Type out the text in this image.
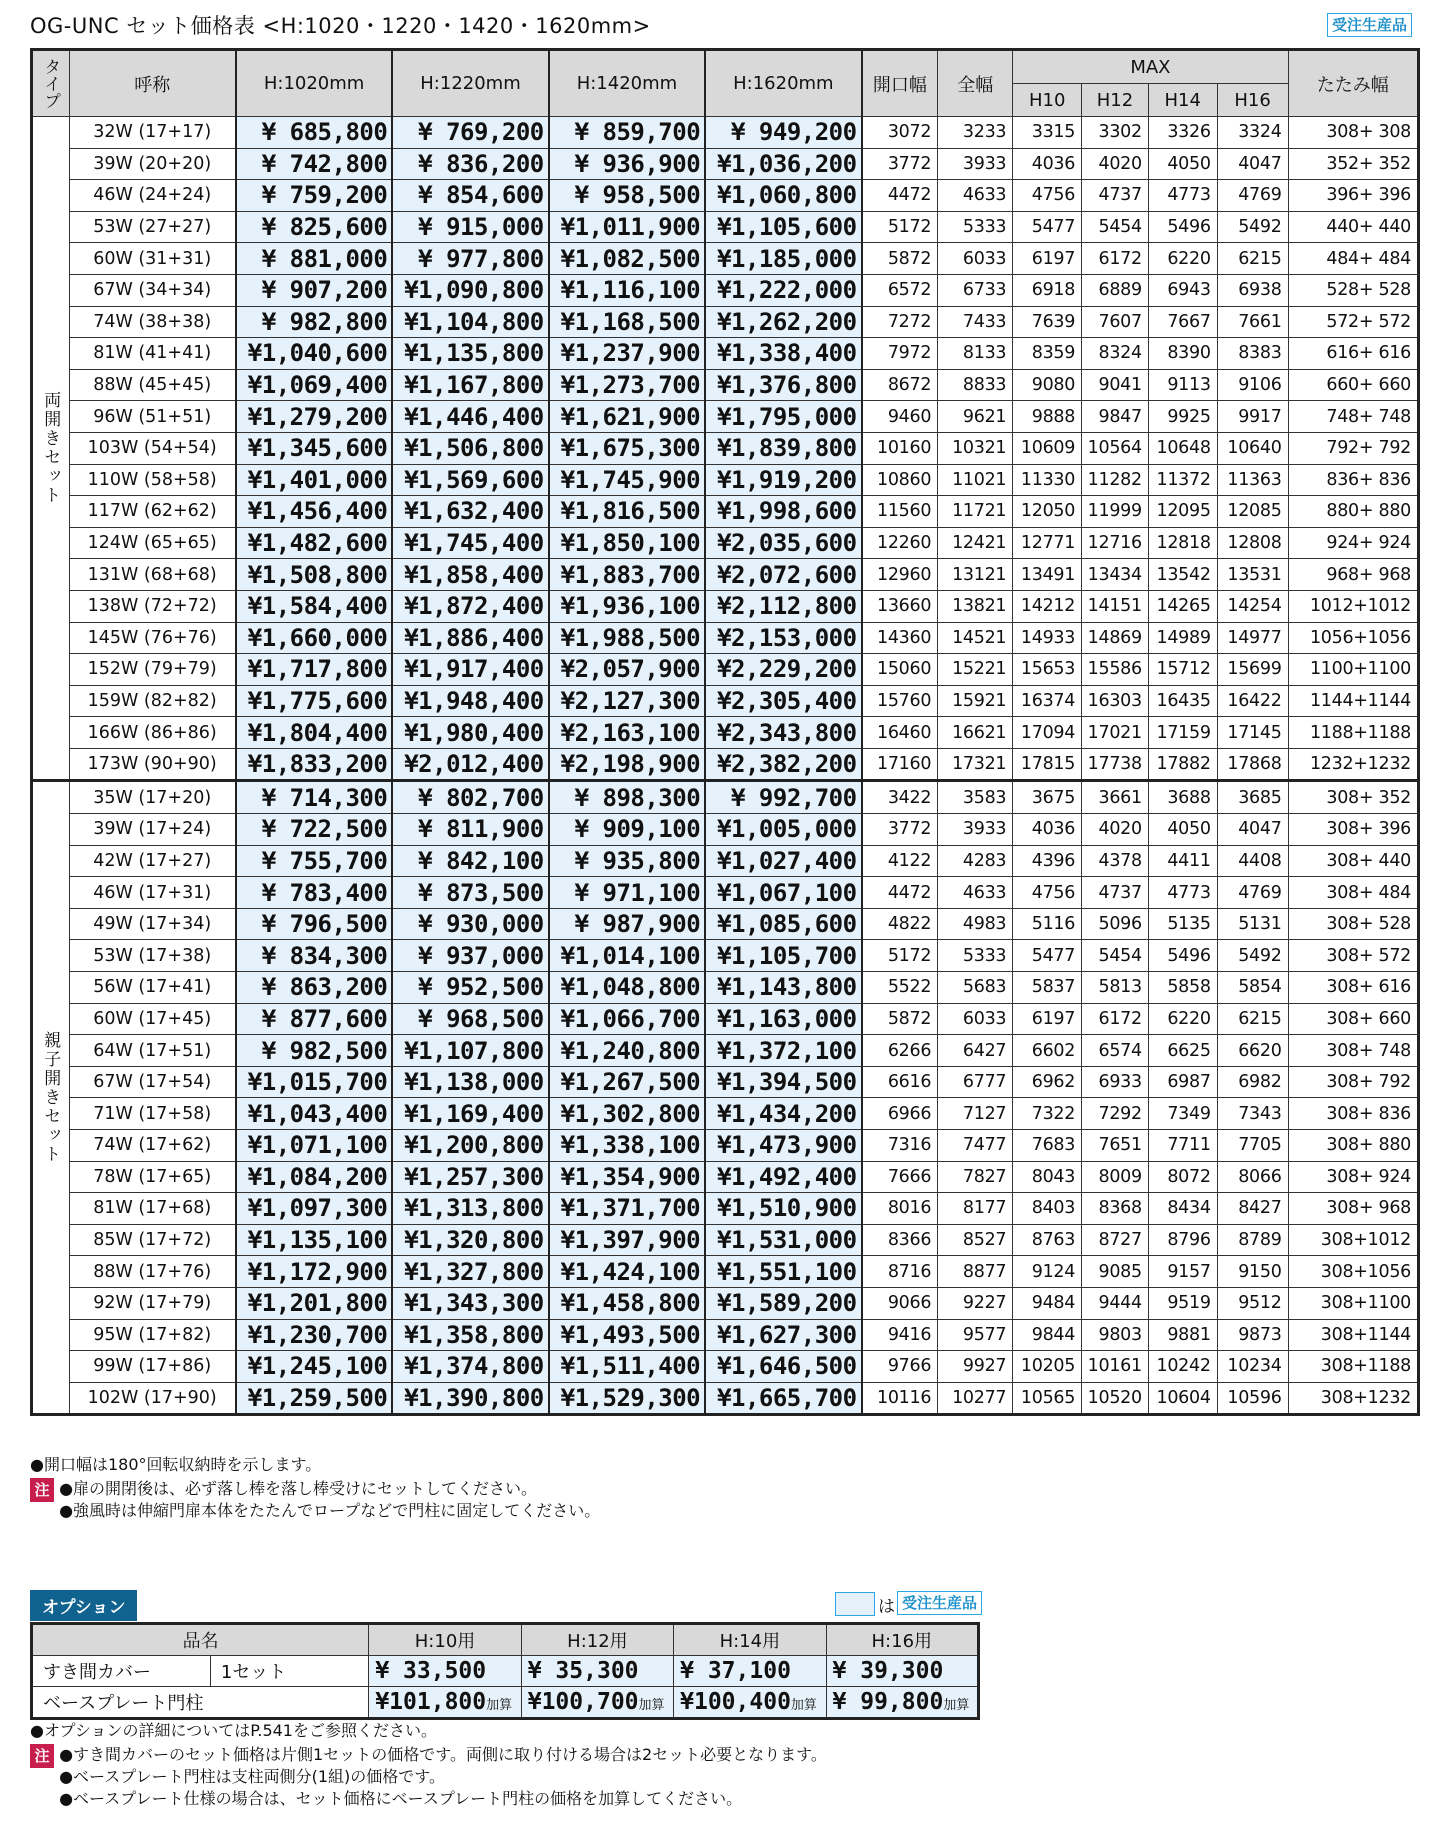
OG-UNC セット価格表 <H:1020・1220・1420・1620mm>	受注生産品
タイプ	呼称	H:1020mm	H:1220mm	H:1420mm	H:1620mm	開口幅	全幅	MAX				たたみ幅
								H10	H12	H14	H16	
両開きセット	32W (17+17)	¥ 685,800	¥ 769,200	¥ 859,700	¥ 949,200	3072	3233	3315	3302	3326	3324	308+ 308
	39W (20+20)	¥ 742,800	¥ 836,200	¥ 936,900	¥1,036,200	3772	3933	4036	4020	4050	4047	352+ 352
	46W (24+24)	¥ 759,200	¥ 854,600	¥ 958,500	¥1,060,800	4472	4633	4756	4737	4773	4769	396+ 396
	53W (27+27)	¥ 825,600	¥ 915,000	¥1,011,900	¥1,105,600	5172	5333	5477	5454	5496	5492	440+ 440
	60W (31+31)	¥ 881,000	¥ 977,800	¥1,082,500	¥1,185,000	5872	6033	6197	6172	6220	6215	484+ 484
	67W (34+34)	¥ 907,200	¥1,090,800	¥1,116,100	¥1,222,000	6572	6733	6918	6889	6943	6938	528+ 528
	74W (38+38)	¥ 982,800	¥1,104,800	¥1,168,500	¥1,262,200	7272	7433	7639	7607	7667	7661	572+ 572
	81W (41+41)	¥1,040,600	¥1,135,800	¥1,237,900	¥1,338,400	7972	8133	8359	8324	8390	8383	616+ 616
	88W (45+45)	¥1,069,400	¥1,167,800	¥1,273,700	¥1,376,800	8672	8833	9080	9041	9113	9106	660+ 660
	96W (51+51)	¥1,279,200	¥1,446,400	¥1,621,900	¥1,795,000	9460	9621	9888	9847	9925	9917	748+ 748
	103W (54+54)	¥1,345,600	¥1,506,800	¥1,675,300	¥1,839,800	10160	10321	10609	10564	10648	10640	792+ 792
	110W (58+58)	¥1,401,000	¥1,569,600	¥1,745,900	¥1,919,200	10860	11021	11330	11282	11372	11363	836+ 836
	117W (62+62)	¥1,456,400	¥1,632,400	¥1,816,500	¥1,998,600	11560	11721	12050	11999	12095	12085	880+ 880
	124W (65+65)	¥1,482,600	¥1,745,400	¥1,850,100	¥2,035,600	12260	12421	12771	12716	12818	12808	924+ 924
	131W (68+68)	¥1,508,800	¥1,858,400	¥1,883,700	¥2,072,600	12960	13121	13491	13434	13542	13531	968+ 968
	138W (72+72)	¥1,584,400	¥1,872,400	¥1,936,100	¥2,112,800	13660	13821	14212	14151	14265	14254	1012+1012
	145W (76+76)	¥1,660,000	¥1,886,400	¥1,988,500	¥2,153,000	14360	14521	14933	14869	14989	14977	1056+1056
	152W (79+79)	¥1,717,800	¥1,917,400	¥2,057,900	¥2,229,200	15060	15221	15653	15586	15712	15699	1100+1100
	159W (82+82)	¥1,775,600	¥1,948,400	¥2,127,300	¥2,305,400	15760	15921	16374	16303	16435	16422	1144+1144
	166W (86+86)	¥1,804,400	¥1,980,400	¥2,163,100	¥2,343,800	16460	16621	17094	17021	17159	17145	1188+1188
	173W (90+90)	¥1,833,200	¥2,012,400	¥2,198,900	¥2,382,200	17160	17321	17815	17738	17882	17868	1232+1232
親子開きセット	35W (17+20)	¥ 714,300	¥ 802,700	¥ 898,300	¥ 992,700	3422	3583	3675	3661	3688	3685	308+ 352
	39W (17+24)	¥ 722,500	¥ 811,900	¥ 909,100	¥1,005,000	3772	3933	4036	4020	4050	4047	308+ 396
	42W (17+27)	¥ 755,700	¥ 842,100	¥ 935,800	¥1,027,400	4122	4283	4396	4378	4411	4408	308+ 440
	46W (17+31)	¥ 783,400	¥ 873,500	¥ 971,100	¥1,067,100	4472	4633	4756	4737	4773	4769	308+ 484
	49W (17+34)	¥ 796,500	¥ 930,000	¥ 987,900	¥1,085,600	4822	4983	5116	5096	5135	5131	308+ 528
	53W (17+38)	¥ 834,300	¥ 937,000	¥1,014,100	¥1,105,700	5172	5333	5477	5454	5496	5492	308+ 572
	56W (17+41)	¥ 863,200	¥ 952,500	¥1,048,800	¥1,143,800	5522	5683	5837	5813	5858	5854	308+ 616
	60W (17+45)	¥ 877,600	¥ 968,500	¥1,066,700	¥1,163,000	5872	6033	6197	6172	6220	6215	308+ 660
	64W (17+51)	¥ 982,500	¥1,107,800	¥1,240,800	¥1,372,100	6266	6427	6602	6574	6625	6620	308+ 748
	67W (17+54)	¥1,015,700	¥1,138,000	¥1,267,500	¥1,394,500	6616	6777	6962	6933	6987	6982	308+ 792
	71W (17+58)	¥1,043,400	¥1,169,400	¥1,302,800	¥1,434,200	6966	7127	7322	7292	7349	7343	308+ 836
	74W (17+62)	¥1,071,100	¥1,200,800	¥1,338,100	¥1,473,900	7316	7477	7683	7651	7711	7705	308+ 880
	78W (17+65)	¥1,084,200	¥1,257,300	¥1,354,900	¥1,492,400	7666	7827	8043	8009	8072	8066	308+ 924
	81W (17+68)	¥1,097,300	¥1,313,800	¥1,371,700	¥1,510,900	8016	8177	8403	8368	8434	8427	308+ 968
	85W (17+72)	¥1,135,100	¥1,320,800	¥1,397,900	¥1,531,000	8366	8527	8763	8727	8796	8789	308+1012
	88W (17+76)	¥1,172,900	¥1,327,800	¥1,424,100	¥1,551,100	8716	8877	9124	9085	9157	9150	308+1056
	92W (17+79)	¥1,201,800	¥1,343,300	¥1,458,800	¥1,589,200	9066	9227	9484	9444	9519	9512	308+1100
	95W (17+82)	¥1,230,700	¥1,358,800	¥1,493,500	¥1,627,300	9416	9577	9844	9803	9881	9873	308+1144
	99W (17+86)	¥1,245,100	¥1,374,800	¥1,511,400	¥1,646,500	9766	9927	10205	10161	10242	10234	308+1188
	102W (17+90)	¥1,259,500	¥1,390,800	¥1,529,300	¥1,665,700	10116	10277	10565	10520	10604	10596	308+1232
●開口幅は180°回転収納時を示します。
注 ●扉の開閉後は、必ず落し棒を落し棒受けにセットしてください。
●強風時は伸縮門扉本体をたたんでロープなどで門柱に固定してください。
オプション	は 受注生産品
品名		H:10用	H:12用	H:14用	H:16用
すき間カバー	1セット	¥ 33,500	¥ 35,300	¥ 37,100	¥ 39,300
ベースプレート門柱		¥101,800加算	¥100,700加算	¥100,400加算	¥ 99,800加算
●オプションの詳細についてはP.541をご参照ください。
注 ●すき間カバーのセット価格は片側1セットの価格です。両側に取り付ける場合は2セット必要となります。
●ベースプレート門柱は支柱両側分(1組)の価格です。
●ベースプレート仕様の場合は、セット価格にベースプレート門柱の価格を加算してください。
